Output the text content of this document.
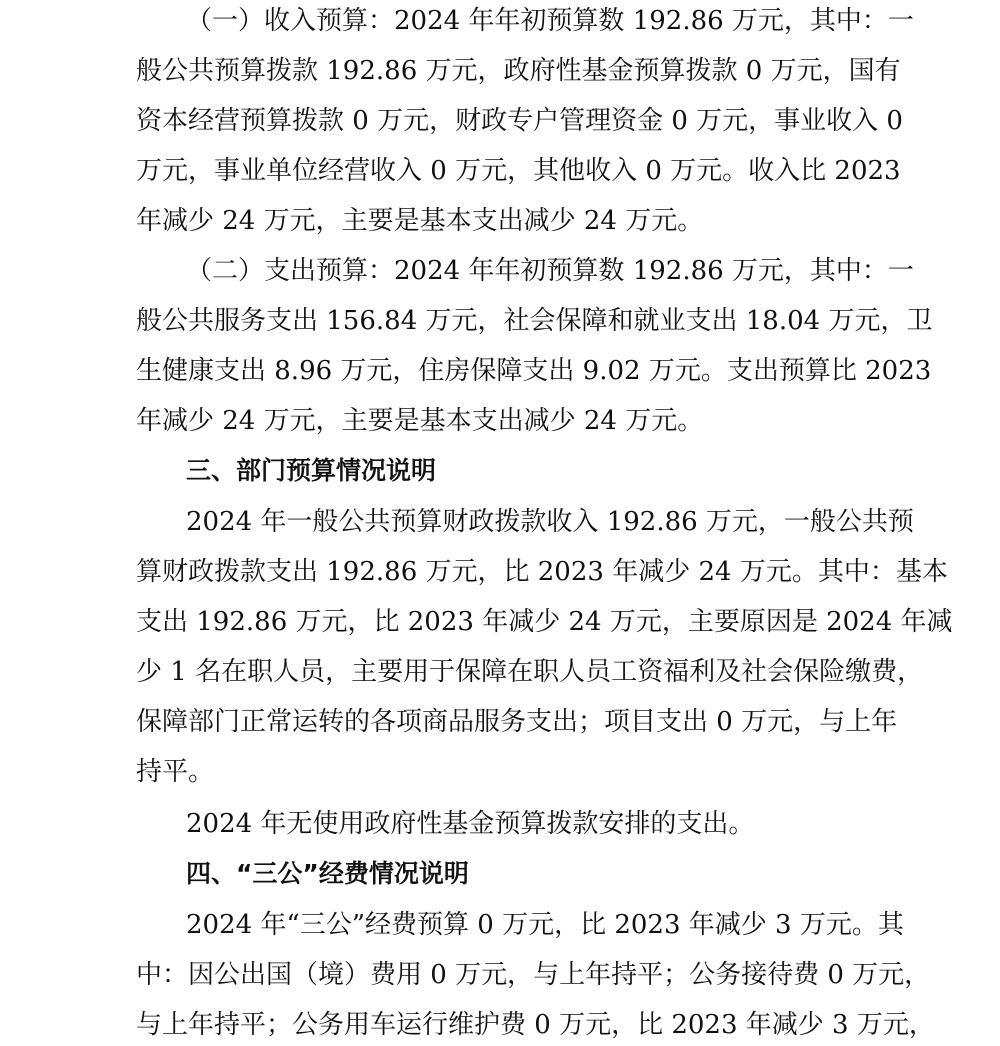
（一）收入预算：2024 年年初预算数 192.86 万元，其中：一
般公共预算拨款 192.86 万元，政府性基金预算拨款 0 万元，国有
资本经营预算拨款 0 万元，财政专户管理资金 0 万元，事业收入 0
万元，事业单位经营收入 0 万元，其他收入 0 万元。收入比 2023
年减少 24 万元，主要是基本支出减少 24 万元。
（二）支出预算：2024 年年初预算数 192.86 万元，其中：一
般公共服务支出 156.84 万元，社会保障和就业支出 18.04 万元，卫
生健康支出 8.96 万元，住房保障支出 9.02 万元。支出预算比 2023
年减少 24 万元，主要是基本支出减少 24 万元。
三、部门预算情况说明
2024 年一般公共预算财政拨款收入 192.86 万元，一般公共预
算财政拨款支出 192.86 万元，比 2023 年减少 24 万元。其中：基本
支出 192.86 万元，比 2023 年减少 24 万元，主要原因是 2024 年减
少 1 名在职人员，主要用于保障在职人员工资福利及社会保险缴费，
保障部门正常运转的各项商品服务支出；项目支出 0 万元，与上年
持平。
2024 年无使用政府性基金预算拨款安排的支出。
四、“三公”经费情况说明
2024 年“三公”经费预算 0 万元，比 2023 年减少 3 万元。其
中：因公出国（境）费用 0 万元，与上年持平；公务接待费 0 万元，
与上年持平；公务用车运行维护费 0 万元，比 2023 年减少 3 万元，
